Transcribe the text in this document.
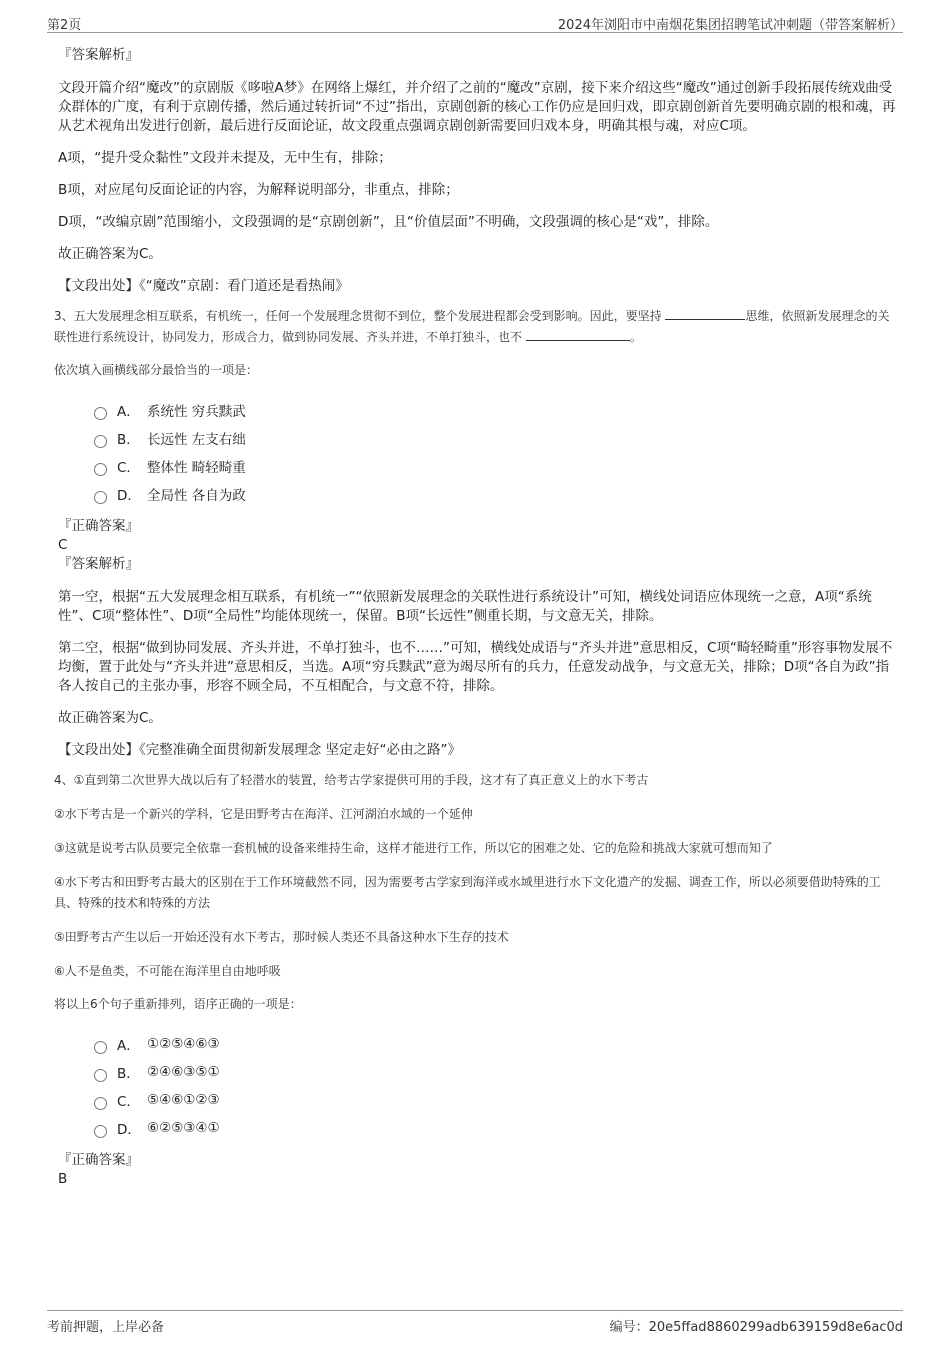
第2页	2024年浏阳市中南烟花集团招聘笔试冲刺题（带答案解析）

『答案解析』

文段开篇介绍“魔改”的京剧版《哆啦A梦》在网络上爆红，并介绍了之前的“魔改”京剧，接下来介绍这些“魔改”通过创新手段拓展传统戏曲受众群体的广度，有利于京剧传播，然后通过转折词“不过”指出，京剧创新的核心工作仍应是回归戏，即京剧创新首先要明确京剧的根和魂，再从艺术视角出发进行创新，最后进行反面论证，故文段重点强调京剧创新需要回归戏本身，明确其根与魂，对应C项。

A项，“提升受众黏性”文段并未提及，无中生有，排除；

B项，对应尾句反面论证的内容，为解释说明部分，非重点，排除；

D项，“改编京剧”范围缩小，文段强调的是“京剧创新”，且“价值层面”不明确，文段强调的核心是“戏”，排除。

故正确答案为C。

【文段出处】《“魔改”京剧：看门道还是看热闹》

3、五大发展理念相互联系，有机统一，任何一个发展理念贯彻不到位，整个发展进程都会受到影响。因此，要坚持	思维，依照新发展理念的关联性进行系统设计，协同发力，形成合力，做到协同发展、齐头并进，不单打独斗，也不	。

依次填入画横线部分最恰当的一项是：

A． 系统性 穷兵黩武
B． 长远性 左支右绌
C． 整体性 畸轻畸重
D． 全局性 各自为政

『正确答案』

C

『答案解析』

第一空，根据“五大发展理念相互联系，有机统一”“依照新发展理念的关联性进行系统设计”可知，横线处词语应体现统一之意，A项“系统性”、C项“整体性”、D项“全局性”均能体现统一，保留。B项“长远性”侧重长期，与文意无关，排除。

第二空，根据“做到协同发展、齐头并进，不单打独斗，也不……”可知，横线处成语与“齐头并进”意思相反，C项“畸轻畸重”形容事物发展不均衡，置于此处与“齐头并进”意思相反，当选。A项“穷兵黩武”意为竭尽所有的兵力，任意发动战争，与文意无关，排除；D项“各自为政”指各人按自己的主张办事，形容不顾全局，不互相配合，与文意不符，排除。

故正确答案为C。

【文段出处】《完整准确全面贯彻新发展理念 坚定走好“必由之路”》

4、①直到第二次世界大战以后有了轻潜水的装置，给考古学家提供可用的手段，这才有了真正意义上的水下考古

②水下考古是一个新兴的学科，它是田野考古在海洋、江河湖泊水域的一个延伸

③这就是说考古队员要完全依靠一套机械的设备来维持生命，这样才能进行工作，所以它的困难之处、它的危险和挑战大家就可想而知了

④水下考古和田野考古最大的区别在于工作环境截然不同，因为需要考古学家到海洋或水域里进行水下文化遗产的发掘、调查工作，所以必须要借助特殊的工具、特殊的技术和特殊的方法

⑤田野考古产生以后一开始还没有水下考古，那时候人类还不具备这种水下生存的技术

⑥人不是鱼类，不可能在海洋里自由地呼吸

将以上6个句子重新排列，语序正确的一项是：

A． ①②⑤④⑥③
B． ②④⑥③⑤①
C． ⑤④⑥①②③
D． ⑥②⑤③④①

『正确答案』

B

考前押题，上岸必备	编号：20e5ffad8860299adb639159d8e6ac0d
